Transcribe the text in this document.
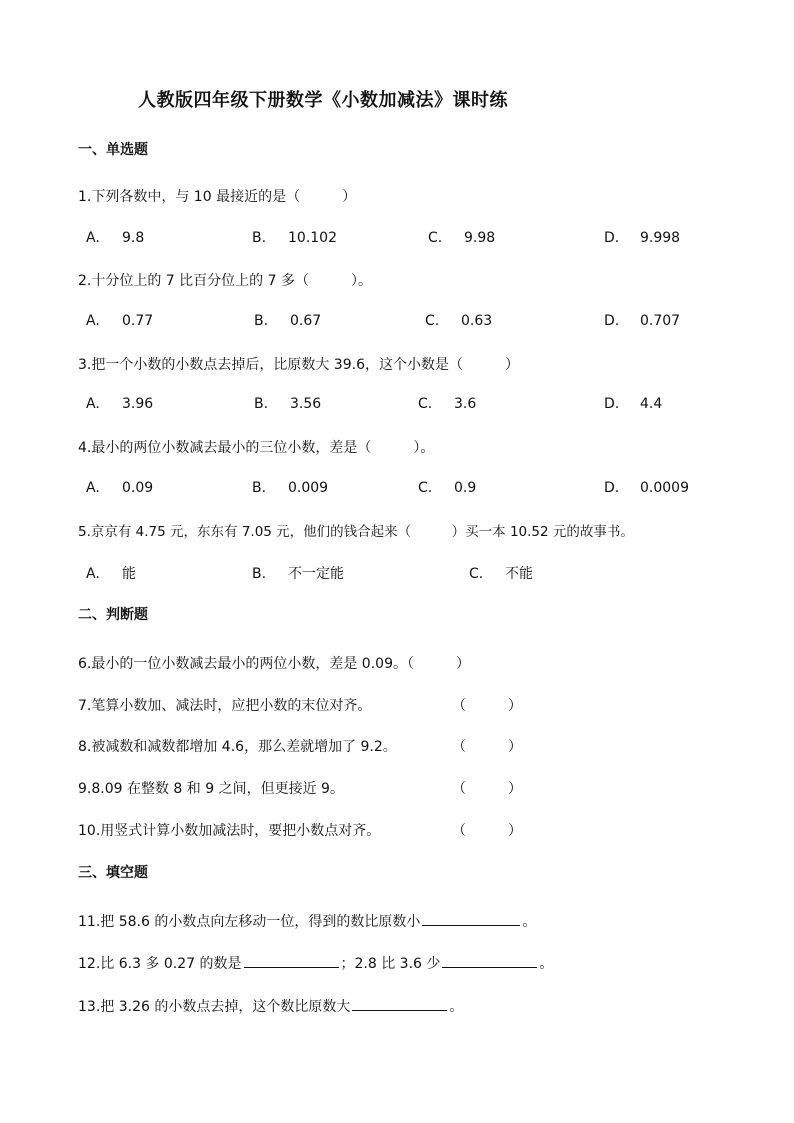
人教版四年级下册数学《小数加减法》课时练
一、单选题
1.下列各数中，与 10 最接近的是（　　　）
A. 9.8	B. 10.102	C. 9.98	D. 9.998
2.十分位上的 7 比百分位上的 7 多（　　　）。
A. 0.77	B. 0.67	C. 0.63	D. 0.707
3.把一个小数的小数点去掉后，比原数大 39.6，这个小数是（　　　）
A. 3.96	B. 3.56	C. 3.6	D. 4.4
4.最小的两位小数减去最小的三位小数，差是（　　　）。
A. 0.09	B. 0.009	C. 0.9	D. 0.0009
5.京京有 4.75 元，东东有 7.05 元，他们的钱合起来（　　　）买一本 10.52 元的故事书。
A. 能	B. 不一定能	C. 不能
二、判断题
6.最小的一位小数减去最小的两位小数，差是 0.09。（　　　）
7.笔算小数加、减法时，应把小数的末位对齐。	（　　　）
8.被减数和减数都增加 4.6，那么差就增加了 9.2。	（　　　）
9.8.09 在整数 8 和 9 之间，但更接近 9。	（　　　）
10.用竖式计算小数加减法时，要把小数点对齐。	（　　　）
三、填空题
11.把 58.6 的小数点向左移动一位，得到的数比原数小	。
12.比 6.3 多 0.27 的数是	；2.8 比 3.6 少	。
13.把 3.26 的小数点去掉，这个数比原数大	。
